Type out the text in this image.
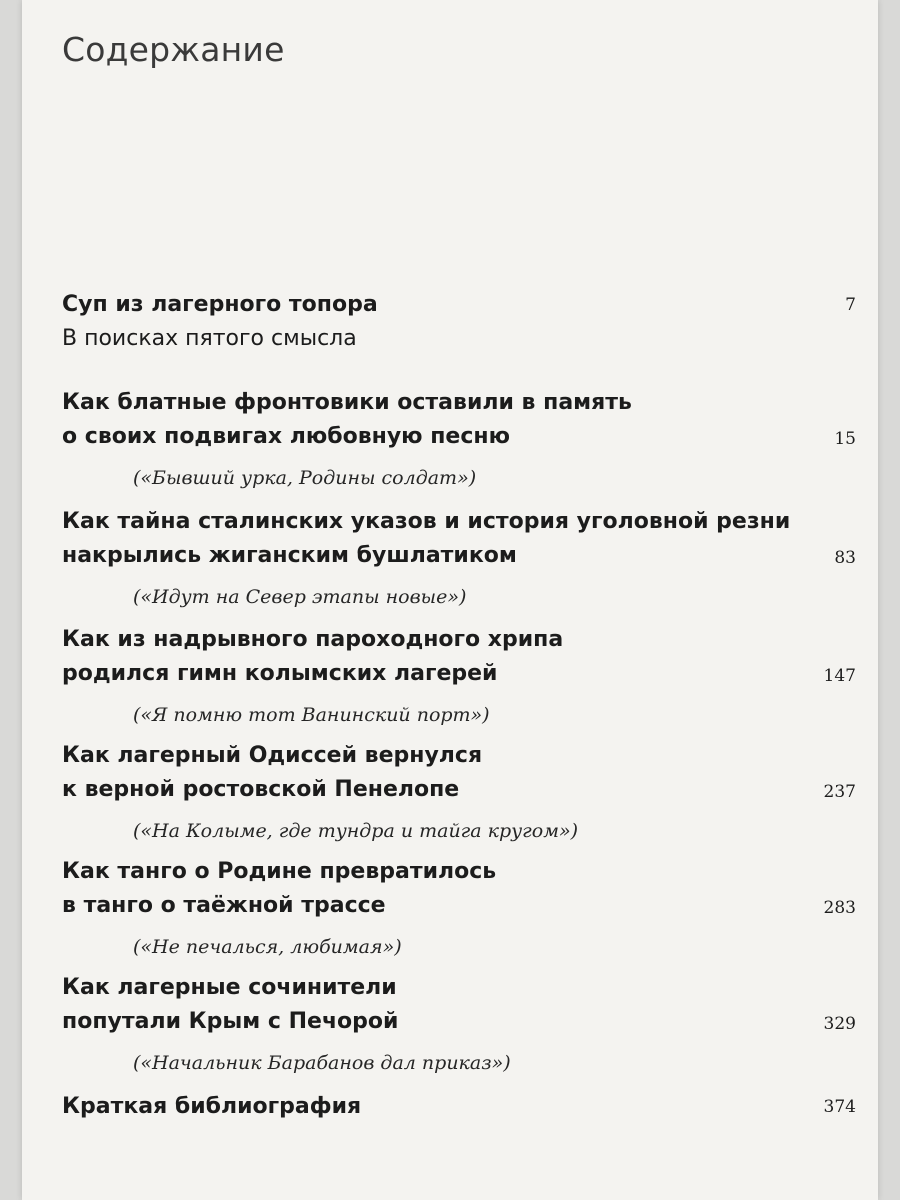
Содержание
Суп из лагерного топора
В поисках пятого смысла
7
Как блатные фронтовики оставили в память
о своих подвигах любовную песню
(«Бывший урка, Родины солдат»)
15
Как тайна сталинских указов и история уголовной резни
накрылись жиганским бушлатиком
(«Идут на Север этапы новые»)
83
Как из надрывного пароходного хрипа
родился гимн колымских лагерей
(«Я помню тот Ванинский порт»)
147
Как лагерный Одиссей вернулся
к верной ростовской Пенелопе
(«На Колыме, где тундра и тайга кругом»)
237
Как танго о Родине превратилось
в танго о таёжной трассе
(«Не печалься, любимая»)
283
Как лагерные сочинители
попутали Крым с Печорой
(«Начальник Барабанов дал приказ»)
329
Краткая библиография	374
